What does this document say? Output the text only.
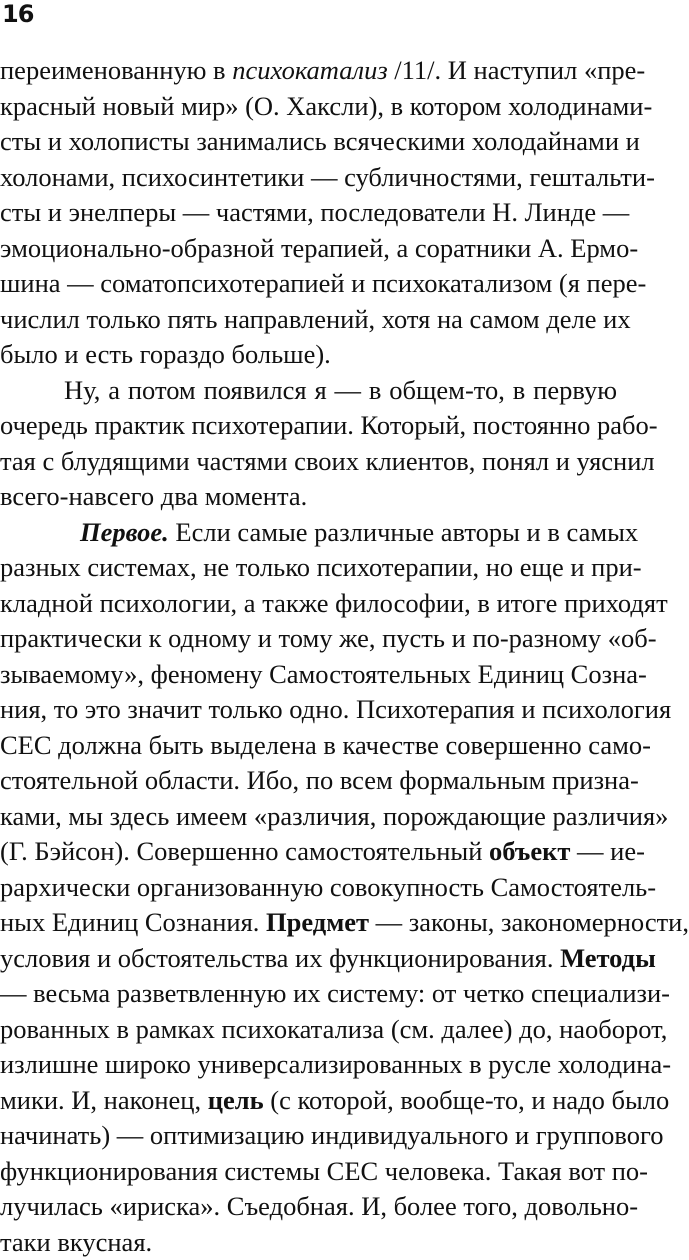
16
переименованную в психокатализ /11/. И наступил «пре-
красный новый мир» (О. Хаксли), в котором холодинами-
сты и холописты занимались всяческими холодайнами и
холонами, психосинтетики — субличностями, гештальти-
сты и энелперы — частями, последователи Н. Линде —
эмоционально-образной терапией, а соратники А. Ермо-
шина — соматопсихотерапией и психокатализом (я пере-
числил только пять направлений, хотя на самом деле их
было и есть гораздо больше).
Ну, а потом появился я — в общем-то, в первую
очередь практик психотерапии. Который, постоянно рабо-
тая с блудящими частями своих клиентов, понял и уяснил
всего-навсего два момента.
Первое. Если самые различные авторы и в самых
разных системах, не только психотерапии, но еще и при-
кладной психологии, а также философии, в итоге приходят
практически к одному и тому же, пусть и по-разному «об-
зываемому», феномену Самостоятельных Единиц Созна-
ния, то это значит только одно. Психотерапия и психология
СЕС должна быть выделена в качестве совершенно само-
стоятельной области. Ибо, по всем формальным призна-
ками, мы здесь имеем «различия, порождающие различия»
(Г. Бэйсон). Совершенно самостоятельный объект — ие-
рархически организованную совокупность Самостоятель-
ных Единиц Сознания. Предмет — законы, закономерности,
условия и обстоятельства их функционирования. Методы
— весьма разветвленную их систему: от четко специализи-
рованных в рамках психокатализа (см. далее) до, наоборот,
излишне широко универсализированных в русле холодина-
мики. И, наконец, цель (с которой, вообще-то, и надо было
начинать) — оптимизацию индивидуального и группового
функционирования системы СЕС человека. Такая вот по-
лучилась «ириска». Съедобная. И, более того, довольно-
таки вкусная.
